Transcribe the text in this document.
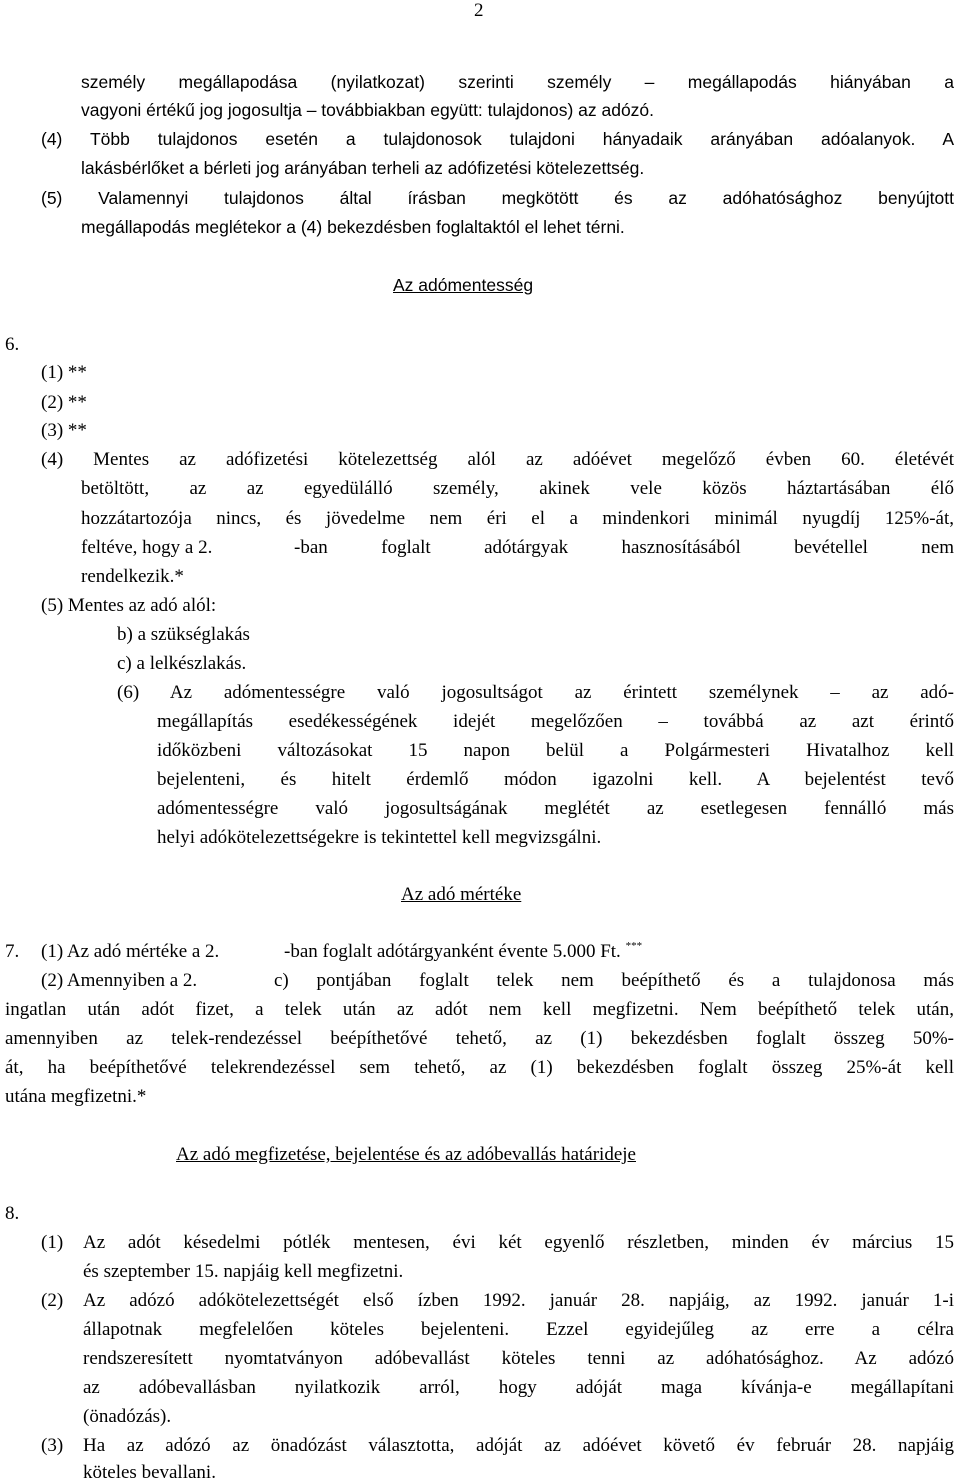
2
személy megállapodása (nyilatkozat) szerinti személy – megállapodás hiányában a
vagyoni értékű jog jogosultja – továbbiakban együtt: tulajdonos) az adózó.
(4) Több tulajdonos esetén a tulajdonosok tulajdoni hányadaik arányában adóalanyok. A
lakásbérlőket a bérleti jog arányában terheli az adófizetési kötelezettség.
(5) Valamennyi tulajdonos által írásban megkötött és az adóhatósághoz benyújtott
megállapodás meglétekor a (4) bekezdésben foglaltaktól el lehet térni.
Az adómentesség
6.
(1) **
(2) **
(3) **
(4) Mentes az adófizetési kötelezettség alól az adóévet megelőző évben 60. életévét
betöltött, az az egyedülálló személy, akinek vele közös háztartásában élő
hozzátartozója nincs, és jövedelme nem éri el a mindenkori minimál nyugdíj 125%-át,
feltéve, hogy a 2.	-ban foglalt adótárgyak hasznosításából bevétellel nem
rendelkezik.*
(5) Mentes az adó alól:
b) a szükséglakás
c) a lelkészlakás.
(6) Az adómentességre való jogosultságot az érintett személynek – az adó-
megállapítás esedékességének idejét megelőzően – továbbá az azt érintő
időközbeni változásokat 15 napon belül a Polgármesteri Hivatalhoz kell
bejelenteni, és hitelt érdemlő módon igazolni kell. A bejelentést tevő
adómentességre való jogosultságának meglétét az esetlegesen fennálló más
helyi adókötelezettségekre is tekintettel kell megvizsgálni.
Az adó mértéke
7. (1) Az adó mértéke a 2.	-ban foglalt adótárgyanként évente 5.000 Ft. ***
(2) Amennyiben a 2.	c) pontjában foglalt telek nem beépíthető és a tulajdonosa más
ingatlan után adót fizet, a telek után az adót nem kell megfizetni. Nem beépíthető telek után,
amennyiben az telek-rendezéssel beépíthetővé tehető, az (1) bekezdésben foglalt összeg 50%-
át, ha beépíthetővé telekrendezéssel sem tehető, az (1) bekezdésben foglalt összeg 25%-át kell
utána megfizetni.*
Az adó megfizetése, bejelentése és az adóbevallás határideje
8.
(1) Az adót késedelmi pótlék mentesen, évi két egyenlő részletben, minden év március 15
és szeptember 15. napjáig kell megfizetni.
(2) Az adózó adókötelezettségét első ízben 1992. január 28. napjáig, az 1992. január 1-i
állapotnak megfelelően köteles bejelenteni. Ezzel egyidejűleg az erre a célra
rendszeresített nyomtatványon adóbevallást köteles tenni az adóhatósághoz. Az adózó
az adóbevallásban nyilatkozik arról, hogy adóját maga kívánja-e megállapítani
(önadózás).
(3) Ha az adózó az önadózást választotta, adóját az adóévet követő év február 28. napjáig
köteles bevallani.
